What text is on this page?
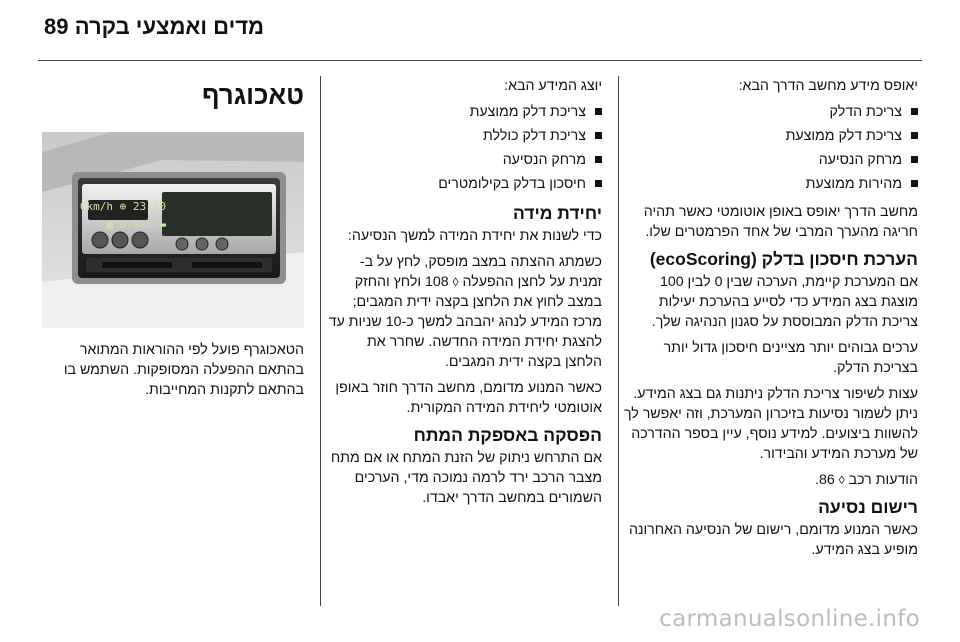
89 מדים ואמצעי בקרה

יאופס מידע מחשב הדרך הבא:

צריכת הדלק
צריכת דלק ממוצעת
מרחק הנסיעה
מהירות ממוצעת

מחשב הדרך יאופס באופן אוטומטי כאשר תהיה חריגה מהערך המרבי של אחד הפרמטרים שלו.

הערכת חיסכון בדלק (ecoScoring)

אם המערכת קיימת, הערכה שבין 0 לבין 100 מוצגת בצג המידע כדי לסייע בהערכת יעילות צריכת הדלק המבוססת על סגנון הנהיגה שלך.

ערכים גבוהים יותר מציינים חיסכון גדול יותר בצריכת הדלק.

עצות לשיפור צריכת הדלק ניתנות גם בצג המידע. ניתן לשמור נסיעות בזיכרון המערכת, וזה יאפשר לך להשוות ביצועים. למידע נוסף, עיין בספר ההדרכה של מערכת המידע והבידור.

הודעות רכב ◊ 86.

רישום נסיעה

כאשר המנוע מדומם, רישום של הנסיעה האחרונה מופיע בצג המידע.

יוצג המידע הבא:

צריכת דלק ממוצעת
צריכת דלק כוללת
מרחק הנסיעה
חיסכון בדלק בקילומטרים
יחידת מידה

כדי לשנות את יחידת המידה למשך הנסיעה:

כשמתג ההצתה במצב מופסק, לחץ על ב- זמנית על לחצן ההפעלה ◊ 108 ולחץ והחזק במצב לחוץ את הלחצן בקצה ידית המגבים; מרכז המידע לנהג יהבהב למשך כ-10 שניות עד להצגת יחידת המידה החדשה. שחרר את הלחצן בקצה ידית המגבים.

כאשר המנוע מדומם, מחשב הדרך חוזר באופן אוטומטי ליחידת המידה המקורית.

הפסקה באספקת המתח

אם התרחש ניתוק של הזנת המתח או אם מתח מצבר הרכב ירד לרמה נמוכה מדי, הערכים השמורים במחשב הדרך יאבדו.

טאכוגרף
10 23 ⊕ 0km/h
▬ 0.0km ■

הטאכוגרף פועל לפי ההוראות המתואר בהתאם ההפעלה המסופקות. השתמש בו בהתאם לתקנות המחייבות.

carmanualsonline.info
